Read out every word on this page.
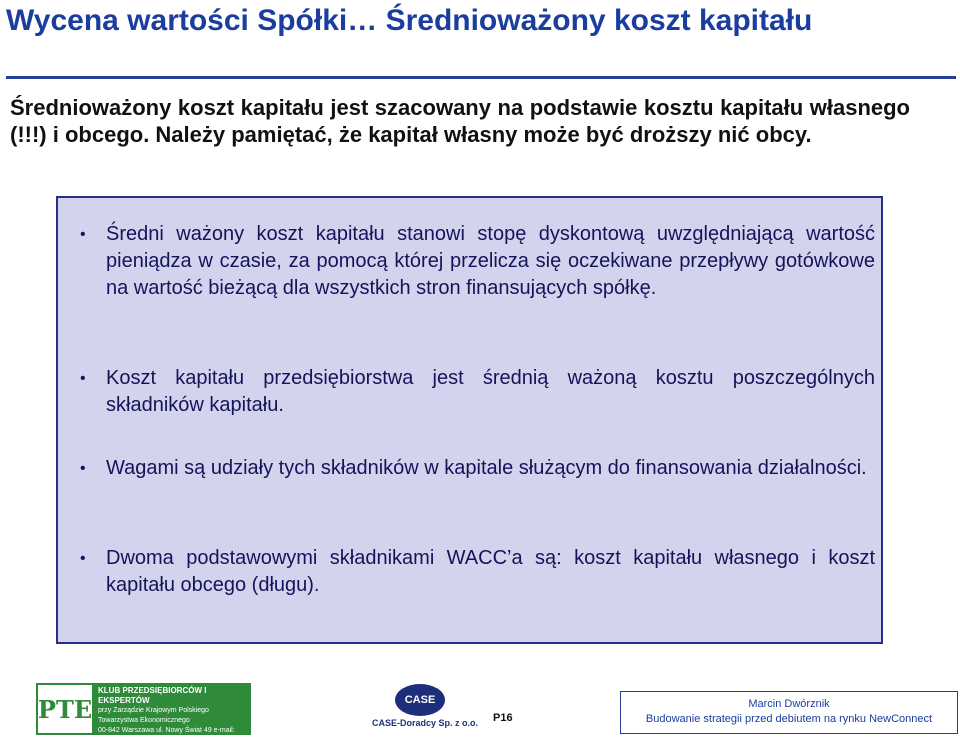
Wycena wartości Spółki… Średnioważony koszt kapitału
Średnioważony koszt kapitału jest szacowany na podstawie kosztu kapitału własnego (!!!) i obcego. Należy pamiętać, że kapitał własny może być droższy nić obcy.
•	Średni ważony koszt kapitału stanowi stopę dyskontową uwzględniającą wartość pieniądza w czasie, za pomocą której przelicza się oczekiwane przepływy gotówkowe na wartość bieżącą dla wszystkich stron finansujących spółkę.
•	Koszt kapitału przedsiębiorstwa jest średnią ważoną kosztu poszczególnych składników kapitału.
•	Wagami są udziały tych składników w kapitale służącym do finansowania działalności.
•	Dwoma podstawowymi składnikami WACC’a są: koszt kapitału własnego i koszt kapitału obcego (długu).
PTE
KLUB PRZEDSIĘBIORCÓW I EKSPERTÓW
przy Zarządzie Krajowym Polskiego Towarzystwa Ekonomicznego
00-842 Warszawa ul. Nowy Świat 49 e-mail: klub@pte.pl www.pte.pl
CASE
CASE-Doradcy Sp. z o.o. P16
Marcin Dwórznik
Budowanie strategii przed debiutem na rynku NewConnect
